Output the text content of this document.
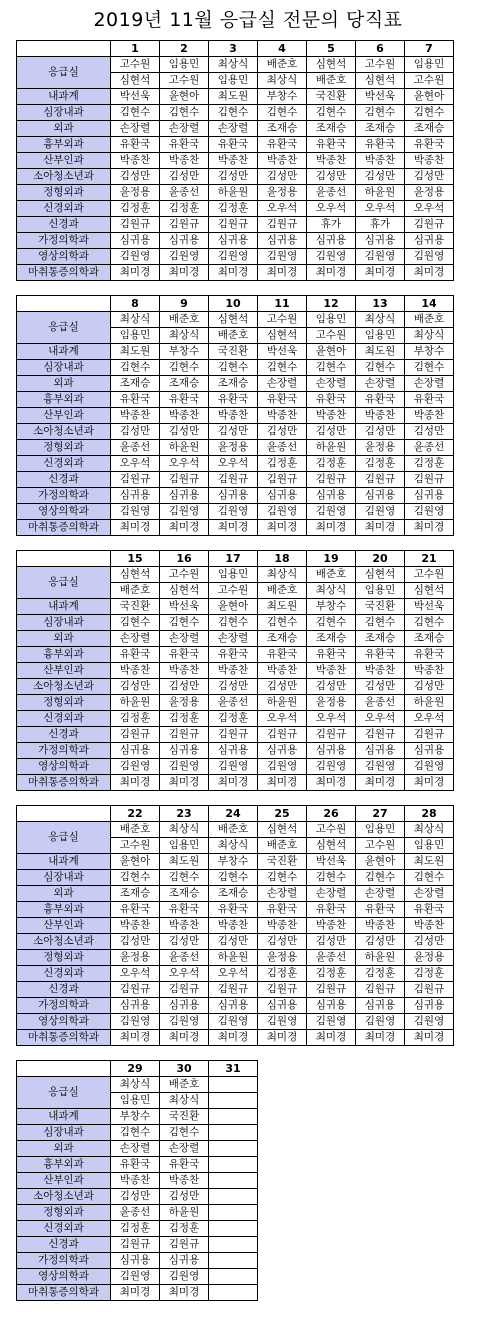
2019년 11월 응급실 전문의 당직표
	1	2	3	4	5	6	7
응급실	고수원	임용민	최상식	배준호	심현석	고수원	임용민
	심현석	고수원	임용민	최상식	배준호	심현석	고수원
내과계	박선욱	윤현아	최도원	부창수	국진환	박선욱	윤현아
심장내과	김현수	김현수	김현수	김현수	김현수	김현수	김현수
외과	손장렬	손장렬	손장렬	조재승	조재승	조재승	조재승
흉부외과	유환국	유환국	유환국	유환국	유환국	유환국	유환국
산부인과	박종찬	박종찬	박종찬	박종찬	박종찬	박종찬	박종찬
소아청소년과	김성만	김성만	김성만	김성만	김성만	김성만	김성만
정형외과	윤정용	윤종선	하윤원	윤정용	윤종선	하윤원	윤정용
신경외과	김정훈	김정훈	김정훈	오우석	오우석	오우석	오우석
신경과	김원규	김원규	김원규	김원규	휴가	휴가	김원규
가정의학과	심귀용	심귀용	심귀용	심귀용	심귀용	심귀용	심귀용
영상의학과	김원영	김원영	김원영	김원영	김원영	김원영	김원영
마취통증의학과	최미경	최미경	최미경	최미경	최미경	최미경	최미경
	8	9	10	11	12	13	14
응급실	최상식	배준호	심현석	고수원	임용민	최상식	배준호
	임용민	최상식	배준호	심현석	고수원	임용민	최상식
내과계	최도원	부창수	국진환	박선욱	윤현아	최도원	부창수
심장내과	김현수	김현수	김현수	김현수	김현수	김현수	김현수
외과	조재승	조재승	조재승	손장렬	손장렬	손장렬	손장렬
흉부외과	유환국	유환국	유환국	유환국	유환국	유환국	유환국
산부인과	박종찬	박종찬	박종찬	박종찬	박종찬	박종찬	박종찬
소아청소년과	김성만	김성만	김성만	김성만	김성만	김성만	김성만
정형외과	윤종선	하윤원	윤정용	윤종선	하윤원	윤정용	윤종선
신경외과	오우석	오우석	오우석	김정훈	김정훈	김정훈	김정훈
신경과	김원규	김원규	김원규	김원규	김원규	김원규	김원규
가정의학과	심귀용	심귀용	심귀용	심귀용	심귀용	심귀용	심귀용
영상의학과	김원영	김원영	김원영	김원영	김원영	김원영	김원영
마취통증의학과	최미경	최미경	최미경	최미경	최미경	최미경	최미경
	15	16	17	18	19	20	21
응급실	심현석	고수원	임용민	최상식	배준호	심현석	고수원
	배준호	심현석	고수원	배준호	최상식	임용민	심현석
내과계	국진환	박선욱	윤현아	최도원	부창수	국진환	박선욱
심장내과	김현수	김현수	김현수	김현수	김현수	김현수	김현수
외과	손장렬	손장렬	손장렬	조재승	조재승	조재승	조재승
흉부외과	유환국	유환국	유환국	유환국	유환국	유환국	유환국
산부인과	박종찬	박종찬	박종찬	박종찬	박종찬	박종찬	박종찬
소아청소년과	김성만	김성만	김성만	김성만	김성만	김성만	김성만
정형외과	하윤원	윤정용	윤종선	하윤원	윤정용	윤종선	하윤원
신경외과	김정훈	김정훈	김정훈	오우석	오우석	오우석	오우석
신경과	김원규	김원규	김원규	김원규	김원규	김원규	김원규
가정의학과	심귀용	심귀용	심귀용	심귀용	심귀용	심귀용	심귀용
영상의학과	김원영	김원영	김원영	김원영	김원영	김원영	김원영
마취통증의학과	최미경	최미경	최미경	최미경	최미경	최미경	최미경
	22	23	24	25	26	27	28
응급실	배준호	최상식	배준호	심현석	고수원	임용민	최상식
	고수원	임용민	최상식	배준호	심현석	고수원	임용민
내과계	윤현아	최도원	부창수	국진환	박선욱	윤현아	최도원
심장내과	김현수	김현수	김현수	김현수	김현수	김현수	김현수
외과	조재승	조재승	조재승	손장렬	손장렬	손장렬	손장렬
흉부외과	유환국	유환국	유환국	유환국	유환국	유환국	유환국
산부인과	박종찬	박종찬	박종찬	박종찬	박종찬	박종찬	박종찬
소아청소년과	김성만	김성만	김성만	김성만	김성만	김성만	김성만
정형외과	윤정용	윤종선	하윤원	윤정용	윤종선	하윤원	윤정용
신경외과	오우석	오우석	오우석	김정훈	김정훈	김정훈	김정훈
신경과	김원규	김원규	김원규	김원규	김원규	김원규	김원규
가정의학과	심귀용	심귀용	심귀용	심귀용	심귀용	심귀용	심귀용
영상의학과	김원영	김원영	김원영	김원영	김원영	김원영	김원영
마취통증의학과	최미경	최미경	최미경	최미경	최미경	최미경	최미경
	29	30	31
응급실	최상식	배준호	
	임용민	최상식	
내과계	부창수	국진환	
심장내과	김현수	김현수	
외과	손장렬	손장렬	
흉부외과	유환국	유환국	
산부인과	박종찬	박종찬	
소아청소년과	김성만	김성만	
정형외과	윤종선	하윤원	
신경외과	김정훈	김정훈	
신경과	김원규	김원규	
가정의학과	심귀용	심귀용	
영상의학과	김원영	김원영	
마취통증의학과	최미경	최미경	
